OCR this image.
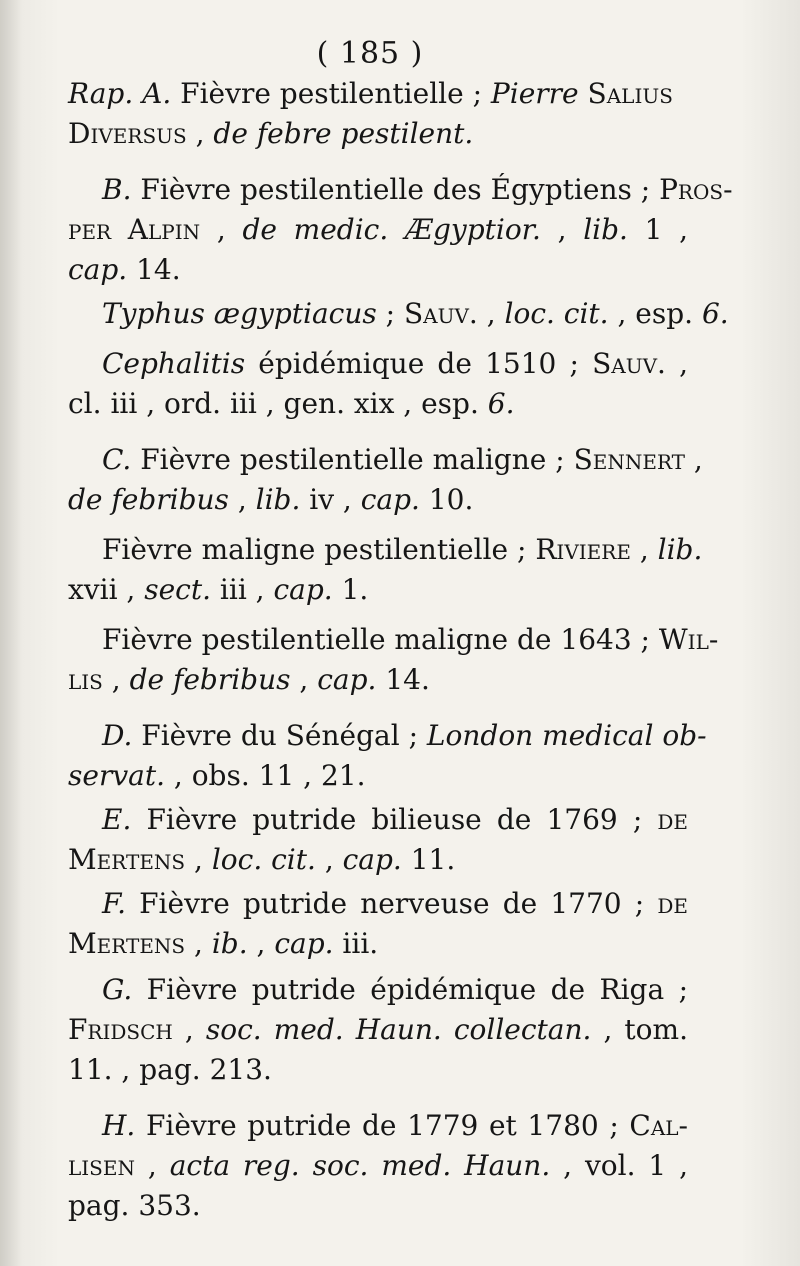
( 185 )
Rap. A. Fièvre pestilentielle ; Pierre Salius
Diversus , de febre pestilent.
B. Fièvre pestilentielle des Égyptiens ; Pros-
per Alpin , de medic. Ægyptior. , lib. 1 ,
cap. 14.
Typhus ægyptiacus ; Sauv. , loc. cit. , esp. 6.
Cephalitis épidémique de 1510 ; Sauv. ,
cl. iii , ord. iii , gen. xix , esp. 6.
C. Fièvre pestilentielle maligne ; Sennert ,
de febribus , lib. iv , cap. 10.
Fièvre maligne pestilentielle ; Riviere , lib.
xvii , sect. iii , cap. 1.
Fièvre pestilentielle maligne de 1643 ; Wil-
lis , de febribus , cap. 14.
D. Fièvre du Sénégal ; London medical ob-
servat. , obs. 11 , 21.
E. Fièvre putride bilieuse de 1769 ; de
Mertens , loc. cit. , cap. 11.
F. Fièvre putride nerveuse de 1770 ; de
Mertens , ib. , cap. iii.
G. Fièvre putride épidémique de Riga ;
Fridsch , soc. med. Haun. collectan. , tom.
11. , pag. 213.
H. Fièvre putride de 1779 et 1780 ; Cal-
lisen , acta reg. soc. med. Haun. , vol. 1 ,
pag. 353.
